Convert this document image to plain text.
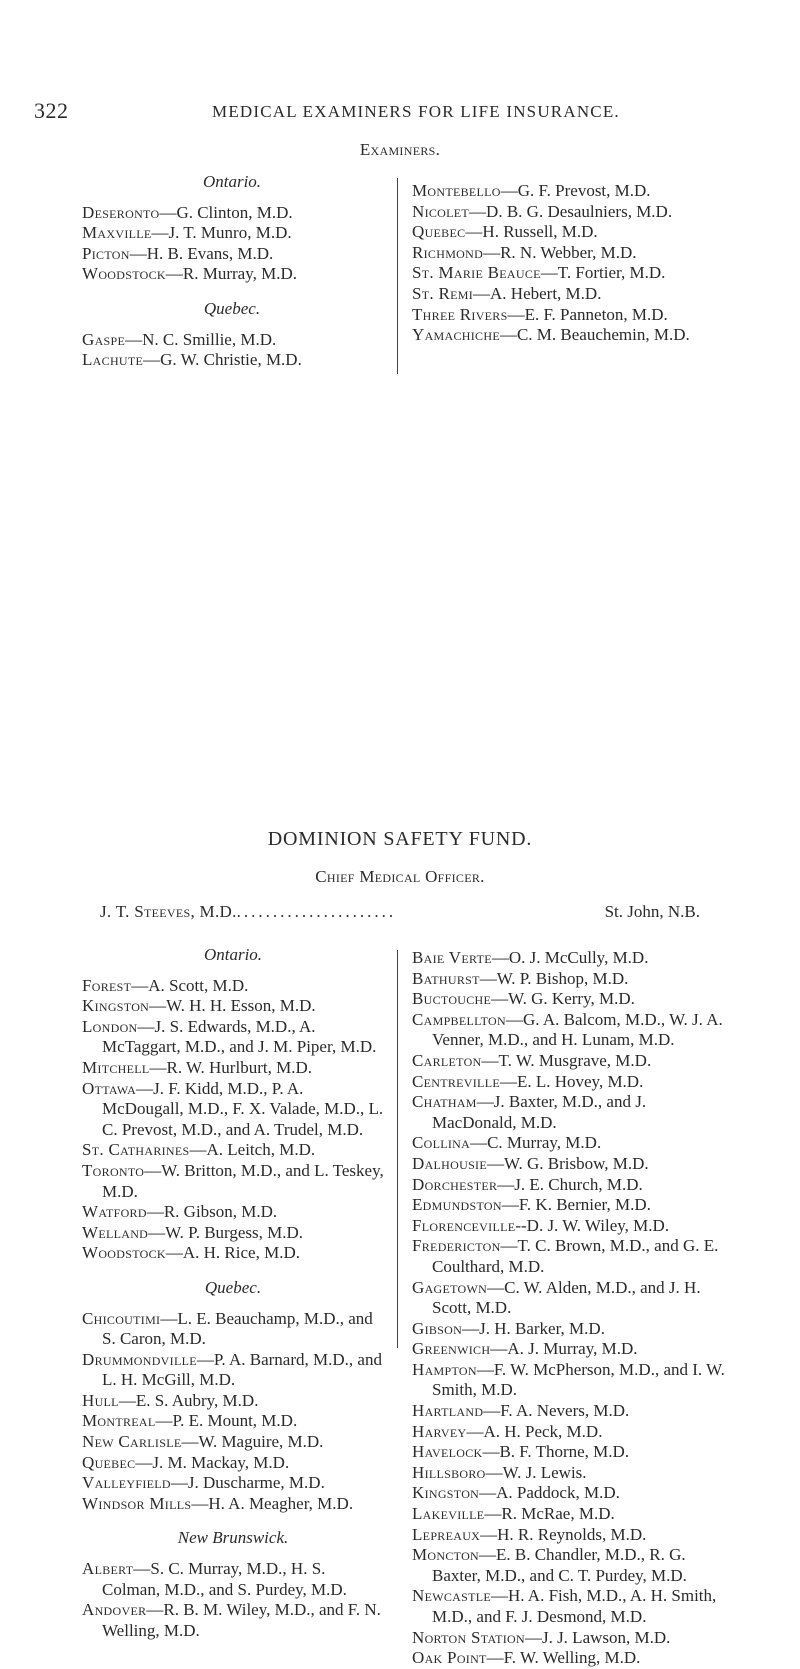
322	MEDICAL EXAMINERS FOR LIFE INSURANCE.
Examiners.
Ontario.
Deseronto—G. Clinton, M.D.
Maxville—J. T. Munro, M.D.
Picton—H. B. Evans, M.D.
Woodstock—R. Murray, M.D.
Quebec.
Gaspe—N. C. Smillie, M.D.
Lachute—G. W. Christie, M.D.
Montebello—G. F. Prevost, M.D.
Nicolet—D. B. G. Desaulniers, M.D.
Quebec—H. Russell, M.D.
Richmond—R. N. Webber, M.D.
St. Marie Beauce—T. Fortier, M.D.
St. Remi—A. Hebert, M.D.
Three Rivers—E. F. Panneton, M.D.
Yamachiche—C. M. Beauchemin, M.D.
DOMINION SAFETY FUND.
Chief Medical Officer.
J. T. Steeves, M.D. ......................	St. John, N.B.
Ontario.
Forest—A. Scott, M.D.
Kingston—W. H. H. Esson, M.D.
London—J. S. Edwards, M.D., A. McTaggart, M.D., and J. M. Piper, M.D.
Mitchell—R. W. Hurlburt, M.D.
Ottawa—J. F. Kidd, M.D., P. A. McDougall, M.D., F. X. Valade, M.D., L. C. Prevost, M.D., and A. Trudel, M.D.
St. Catharines—A. Leitch, M.D.
Toronto—W. Britton, M.D., and L. Teskey, M.D.
Watford—R. Gibson, M.D.
Welland—W. P. Burgess, M.D.
Woodstock—A. H. Rice, M.D.
Quebec.
Chicoutimi—L. E. Beauchamp, M.D., and S. Caron, M.D.
Drummondville—P. A. Barnard, M.D., and L. H. McGill, M.D.
Hull—E. S. Aubry, M.D.
Montreal—P. E. Mount, M.D.
New Carlisle—W. Maguire, M.D.
Quebec—J. M. Mackay, M.D.
Valleyfield—J. Duscharme, M.D.
Windsor Mills—H. A. Meagher, M.D.
New Brunswick.
Albert—S. C. Murray, M.D., H. S. Colman, M.D., and S. Purdey, M.D.
Andover—R. B. M. Wiley, M.D., and F. N. Welling, M.D.
Baie Verte—O. J. McCully, M.D.
Bathurst—W. P. Bishop, M.D.
Buctouche—W. G. Kerry, M.D.
Campbellton—G. A. Balcom, M.D., W. J. A. Venner, M.D., and H. Lunam, M.D.
Carleton—T. W. Musgrave, M.D.
Centreville—E. L. Hovey, M.D.
Chatham—J. Baxter, M.D., and J. MacDonald, M.D.
Collina—C. Murray, M.D.
Dalhousie—W. G. Brisbow, M.D.
Dorchester—J. E. Church, M.D.
Edmundston—F. K. Bernier, M.D.
Florenceville--D. J. W. Wiley, M.D.
Fredericton—T. C. Brown, M.D., and G. E. Coulthard, M.D.
Gagetown—C. W. Alden, M.D., and J. H. Scott, M.D.
Gibson—J. H. Barker, M.D.
Greenwich—A. J. Murray, M.D.
Hampton—F. W. McPherson, M.D., and I. W. Smith, M.D.
Hartland—F. A. Nevers, M.D.
Harvey—A. H. Peck, M.D.
Havelock—B. F. Thorne, M.D.
Hillsboro—W. J. Lewis.
Kingston—A. Paddock, M.D.
Lakeville—R. McRae, M.D.
Lepreaux—H. R. Reynolds, M.D.
Moncton—E. B. Chandler, M.D., R. G. Baxter, M.D., and C. T. Purdey, M.D.
Newcastle—H. A. Fish, M.D., A. H. Smith, M.D., and F. J. Desmond, M.D.
Norton Station—J. J. Lawson, M.D.
Oak Point—F. W. Welling, M.D.
